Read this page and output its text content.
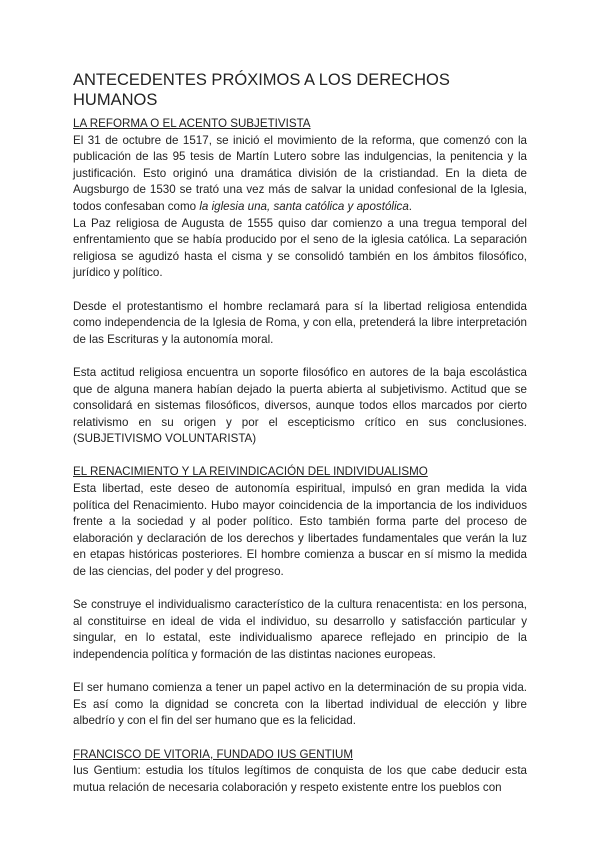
ANTECEDENTES PRÓXIMOS A LOS DERECHOS HUMANOS
LA REFORMA O EL ACENTO SUBJETIVISTA

El 31 de octubre de 1517, se inició el movimiento de la reforma, que comenzó con la publicación de las 95 tesis de Martín Lutero sobre las indulgencias, la penitencia y la justificación. Esto originó una dramática división de la cristiandad. En la dieta de Augsburgo de 1530 se trató una vez más de salvar la unidad confesional de la Iglesia, todos confesaban como la iglesia una, santa católica y apostólica.

La Paz religiosa de Augusta de 1555 quiso dar comienzo a una tregua temporal del enfrentamiento que se había producido por el seno de la iglesia católica. La separación religiosa se agudizó hasta el cisma y se consolidó también en los ámbitos filosófico, jurídico y político.

Desde el protestantismo el hombre reclamará para sí la libertad religiosa entendida como independencia de la Iglesia de Roma, y con ella, pretenderá la libre interpretación de las Escrituras y la autonomía moral.

Esta actitud religiosa encuentra un soporte filosófico en autores de la baja escolástica que de alguna manera habían dejado la puerta abierta al subjetivismo. Actitud que se consolidará en sistemas filosóficos, diversos, aunque todos ellos marcados por cierto relativismo en su origen y por el escepticismo crítico en sus conclusiones. (SUBJETIVISMO VOLUNTARISTA)

EL RENACIMIENTO Y LA REIVINDICACIÓN DEL INDIVIDUALISMO

Esta libertad, este deseo de autonomía espiritual, impulsó en gran medida la vida política del Renacimiento. Hubo mayor coincidencia de la importancia de los individuos frente a la sociedad y al poder político. Esto también forma parte del proceso de elaboración y declaración de los derechos y libertades fundamentales que verán la luz en etapas históricas posteriores. El hombre comienza a buscar en sí mismo la medida de las ciencias, del poder y del progreso.

Se construye el individualismo característico de la cultura renacentista: en los persona, al constituirse en ideal de vida el individuo, su desarrollo y satisfacción particular y singular, en lo estatal, este individualismo aparece reflejado en principio de la independencia política y formación de las distintas naciones europeas.

El ser humano comienza a tener un papel activo en la determinación de su propia vida. Es así como la dignidad se concreta con la libertad individual de elección y libre albedrío y con el fin del ser humano que es la felicidad.

FRANCISCO DE VITORIA, FUNDADO IUS GENTIUM

Ius Gentium: estudia los títulos legítimos de conquista de los que cabe deducir esta mutua relación de necesaria colaboración y respeto existente entre los pueblos con
